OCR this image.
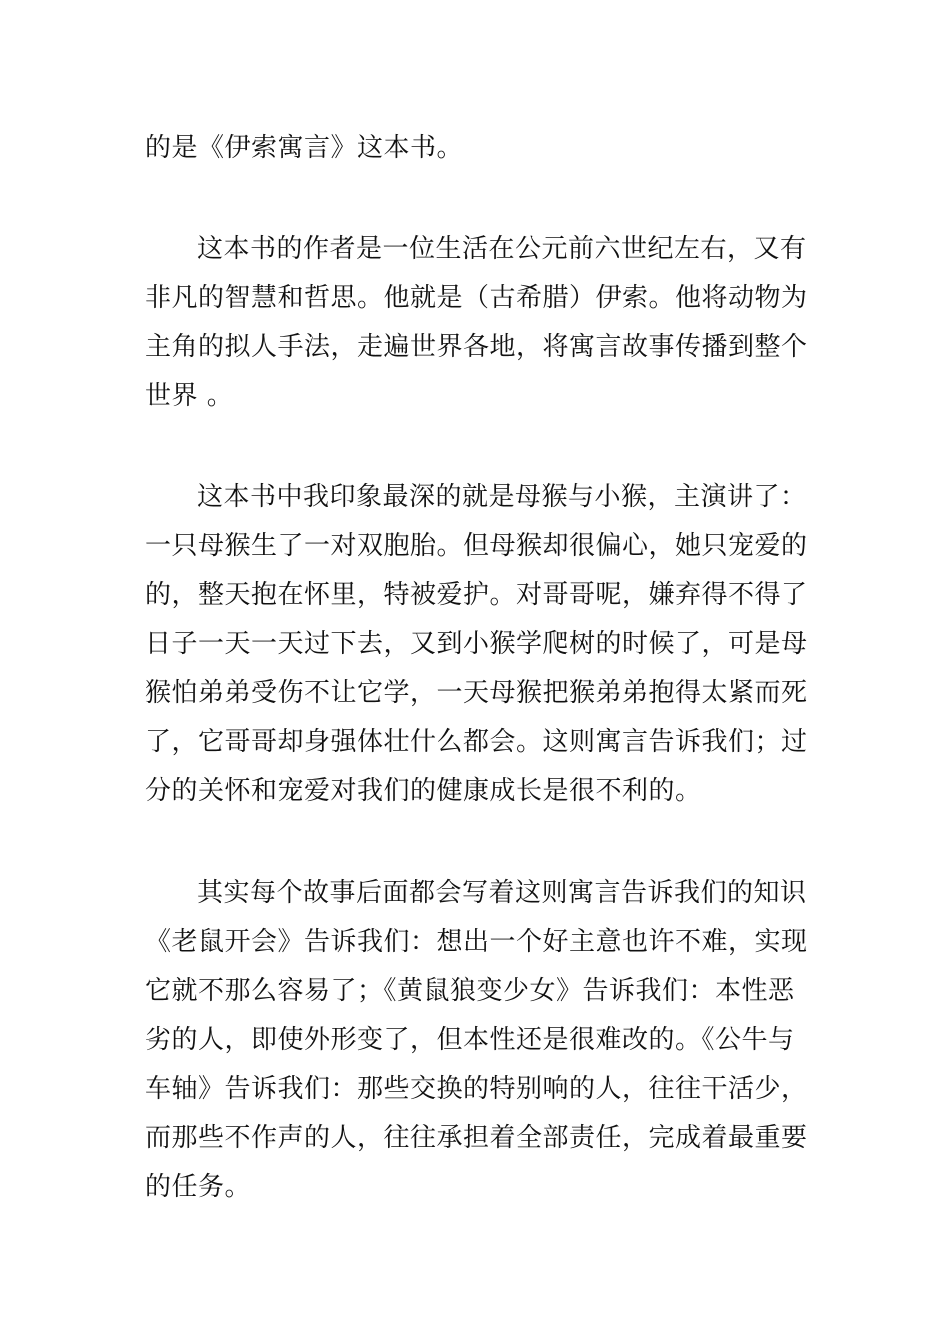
的是《伊索寓言》这本书。
这本书的作者是一位生活在公元前六世纪左右，又有
非凡的智慧和哲思。他就是（古希腊）伊索。他将动物为
主角的拟人手法，走遍世界各地，将寓言故事传播到整个
世界 。
这本书中我印象最深的就是母猴与小猴，主演讲了：
一只母猴生了一对双胞胎。但母猴却很偏心，她只宠爱的
的，整天抱在怀里，特被爱护。对哥哥呢，嫌弃得不得了
日子一天一天过下去，又到小猴学爬树的时候了，可是母
猴怕弟弟受伤不让它学，一天母猴把猴弟弟抱得太紧而死
了，它哥哥却身强体壮什么都会。这则寓言告诉我们；过
分的关怀和宠爱对我们的健康成长是很不利的。
其实每个故事后面都会写着这则寓言告诉我们的知识
《老鼠开会》告诉我们：想出一个好主意也许不难，实现
它就不那么容易了；《黄鼠狼变少女》告诉我们：本性恶
劣的人，即使外形变了，但本性还是很难改的。《公牛与
车轴》告诉我们：那些交换的特别响的人，往往干活少，
而那些不作声的人，往往承担着全部责任，完成着最重要
的任务。
